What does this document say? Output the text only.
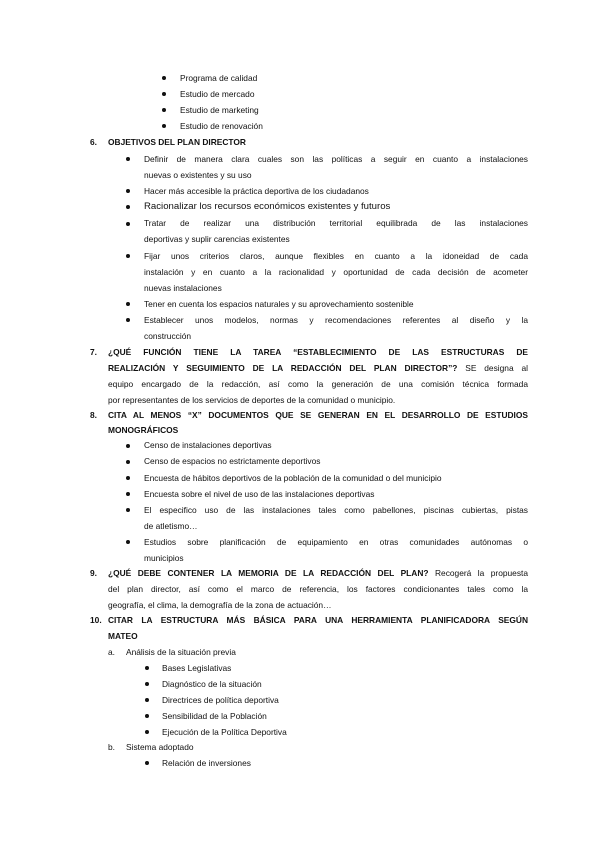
Programa de calidad
Estudio de mercado
Estudio de marketing
Estudio de renovación
6. OBJETIVOS DEL PLAN DIRECTOR
Definir de manera clara cuales son las políticas a seguir en cuanto a instalaciones
nuevas o existentes y su uso
Hacer más accesible la práctica deportiva de los ciudadanos
Racionalizar los recursos económicos existentes y futuros
Tratar de realizar una distribución territorial equilibrada de las instalaciones
deportivas y suplir carencias existentes
Fijar unos criterios claros, aunque flexibles en cuanto a la idoneidad de cada
instalación y en cuanto a la racionalidad y oportunidad de cada decisión de acometer
nuevas instalaciones
Tener en cuenta los espacios naturales y su aprovechamiento sostenible
Establecer unos modelos, normas y recomendaciones referentes al diseño y la
construcción
7. ¿QUÉ FUNCIÓN TIENE LA TAREA “ESTABLECIMIENTO DE LAS ESTRUCTURAS DE
REALIZACIÓN Y SEGUIMIENTO DE LA REDACCIÓN DEL PLAN DIRECTOR”? SE designa al
equipo encargado de la redacción, así como la generación de una comisión técnica formada
por representantes de los servicios de deportes de la comunidad o municipio.
8. CITA AL MENOS “X” DOCUMENTOS QUE SE GENERAN EN EL DESARROLLO DE ESTUDIOS
MONOGRÁFICOS
Censo de instalaciones deportivas
Censo de espacios no estrictamente deportivos
Encuesta de hábitos deportivos de la población de la comunidad o del municipio
Encuesta sobre el nivel de uso de las instalaciones deportivas
El especifico uso de las instalaciones tales como pabellones, piscinas cubiertas, pistas
de atletismo…
Estudios sobre planificación de equipamiento en otras comunidades autónomas o
municipios
9. ¿QUÉ DEBE CONTENER LA MEMORIA DE LA REDACCIÓN DEL PLAN? Recogerá la propuesta
del plan director, así como el marco de referencia, los factores condicionantes tales como la
geografía, el clima, la demografía de la zona de actuación…
10. CITAR LA ESTRUCTURA MÁS BÁSICA PARA UNA HERRAMIENTA PLANIFICADORA SEGÚN
MATEO
a. Análisis de la situación previa
Bases Legislativas
Diagnóstico de la situación
Directrices de política deportiva
Sensibilidad de la Población
Ejecución de la Política Deportiva
b. Sistema adoptado
Relación de inversiones
